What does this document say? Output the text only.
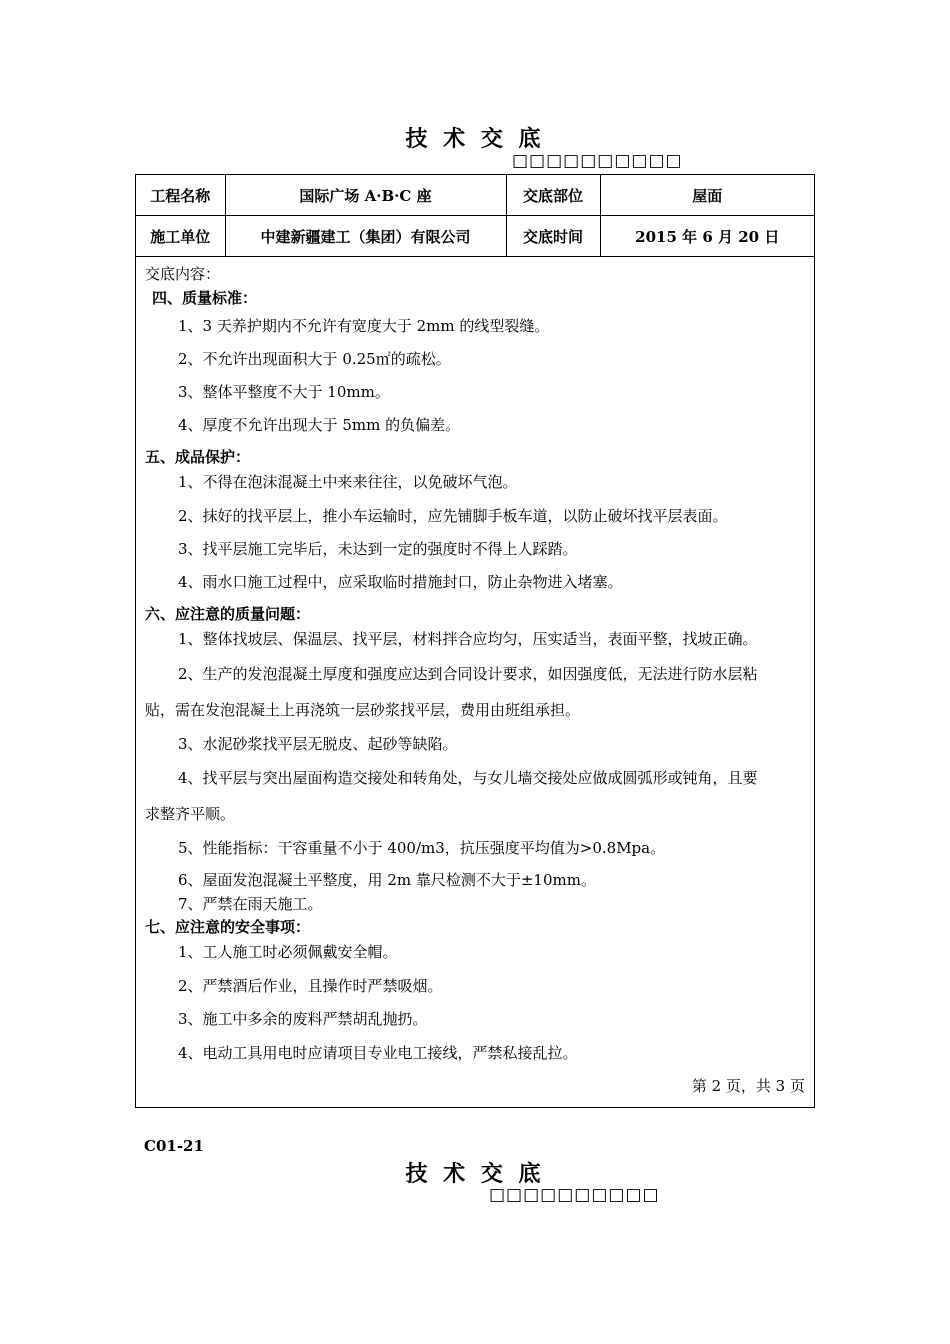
技 术 交 底
□□□□□□□□□□
工程名称	国际广场 A·B·C 座	交底部位	屋面
施工单位	中建新疆建工（集团）有限公司	交底时间	2015 年 6 月 20 日
交底内容：
四、质量标准：
1、3 天养护期内不允许有宽度大于 2mm 的线型裂缝。
2、不允许出现面积大于 0.25㎡的疏松。
3、整体平整度不大于 10mm。
4、厚度不允许出现大于 5mm 的负偏差。
五、成品保护：
1、不得在泡沫混凝土中来来往往，以免破坏气泡。
2、抹好的找平层上，推小车运输时，应先铺脚手板车道，以防止破坏找平层表面。
3、找平层施工完毕后，未达到一定的强度时不得上人踩踏。
4、雨水口施工过程中，应采取临时措施封口，防止杂物进入堵塞。
六、应注意的质量问题：
1、整体找坡层、保温层、找平层，材料拌合应均匀，压实适当，表面平整，找坡正确。
2、生产的发泡混凝土厚度和强度应达到合同设计要求，如因强度低，无法进行防水层粘
贴，需在发泡混凝土上再浇筑一层砂浆找平层，费用由班组承担。
3、水泥砂浆找平层无脱皮、起砂等缺陷。
4、找平层与突出屋面构造交接处和转角处，与女儿墙交接处应做成圆弧形或钝角，且要
求整齐平顺。
5、性能指标：干容重量不小于 400/m3，抗压强度平均值为>0.8Mpa。
6、屋面发泡混凝土平整度，用 2m 靠尺检测不大于±10mm。
7、严禁在雨天施工。
七、应注意的安全事项：
1、工人施工时必须佩戴安全帽。
2、严禁酒后作业，且操作时严禁吸烟。
3、施工中多余的废料严禁胡乱抛扔。
4、电动工具用电时应请项目专业电工接线，严禁私接乱拉。
第 2 页，共 3 页
C01-21
技 术 交 底
□□□□□□□□□□
